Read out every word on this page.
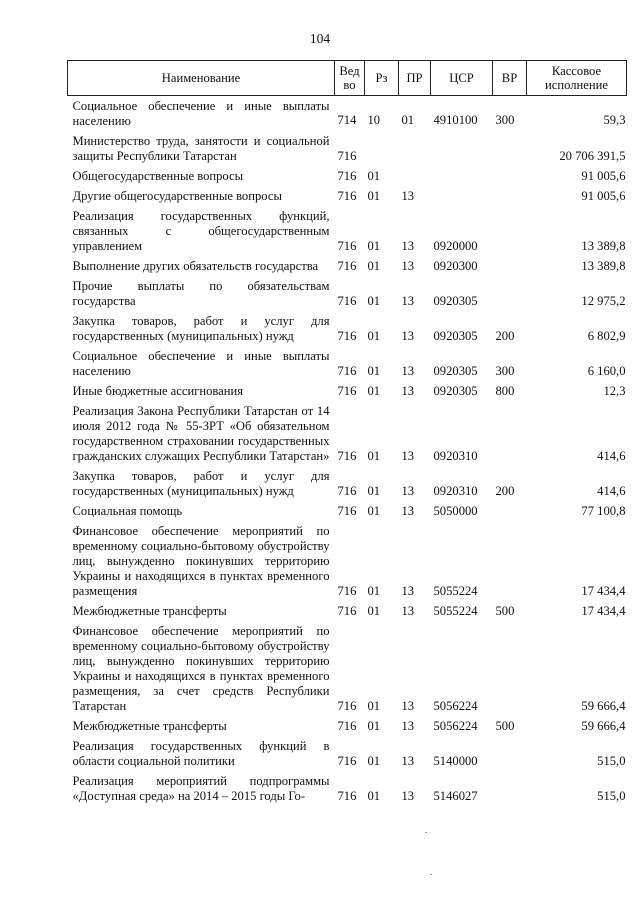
104
Наименование	Ведво	Рз	ПР	ЦСР	ВР	Кассовое исполнение
Социальное обеспечение и иные выплаты населению	714	10	01	4910100	300	59,3
Министерство труда, занятости и социальной защиты Республики Татарстан	716					20 706 391,5
Общегосударственные вопросы	716	01				91 005,6
Другие общегосударственные вопросы	716	01	13			91 005,6
Реализация государственных функций, связанных с общегосударственным управлением	716	01	13	0920000		13 389,8
Выполнение других обязательств государства	716	01	13	0920300		13 389,8
Прочие выплаты по обязательствам государства	716	01	13	0920305		12 975,2
Закупка товаров, работ и услуг для государственных (муниципальных) нужд	716	01	13	0920305	200	6 802,9
Социальное обеспечение и иные выплаты населению	716	01	13	0920305	300	6 160,0
Иные бюджетные ассигнования	716	01	13	0920305	800	12,3
Реализация Закона Республики Татарстан от 14 июля 2012 года № 55-ЗРТ «Об обязательном государственном страховании государственных гражданских служащих Республики Татарстан»	716	01	13	0920310		414,6
Закупка товаров, работ и услуг для государственных (муниципальных) нужд	716	01	13	0920310	200	414,6
Социальная помощь	716	01	13	5050000		77 100,8
Финансовое обеспечение мероприятий по временному социально-бытовому обустройству лиц, вынужденно покинувших территорию Украины и находящихся в пунктах временного размещения	716	01	13	5055224		17 434,4
Межбюджетные трансферты	716	01	13	5055224	500	17 434,4
Финансовое обеспечение мероприятий по временному социально-бытовому обустройству лиц, вынужденно покинувших территорию Украины и находящихся в пунктах временного размещения, за счет средств Республики Татарстан	716	01	13	5056224		59 666,4
Межбюджетные трансферты	716	01	13	5056224	500	59 666,4
Реализация государственных функций в области социальной политики	716	01	13	5140000		515,0
Реализация мероприятий подпрограммы «Доступная среда» на 2014 – 2015 годы Го-	716	01	13	5146027		515,0
